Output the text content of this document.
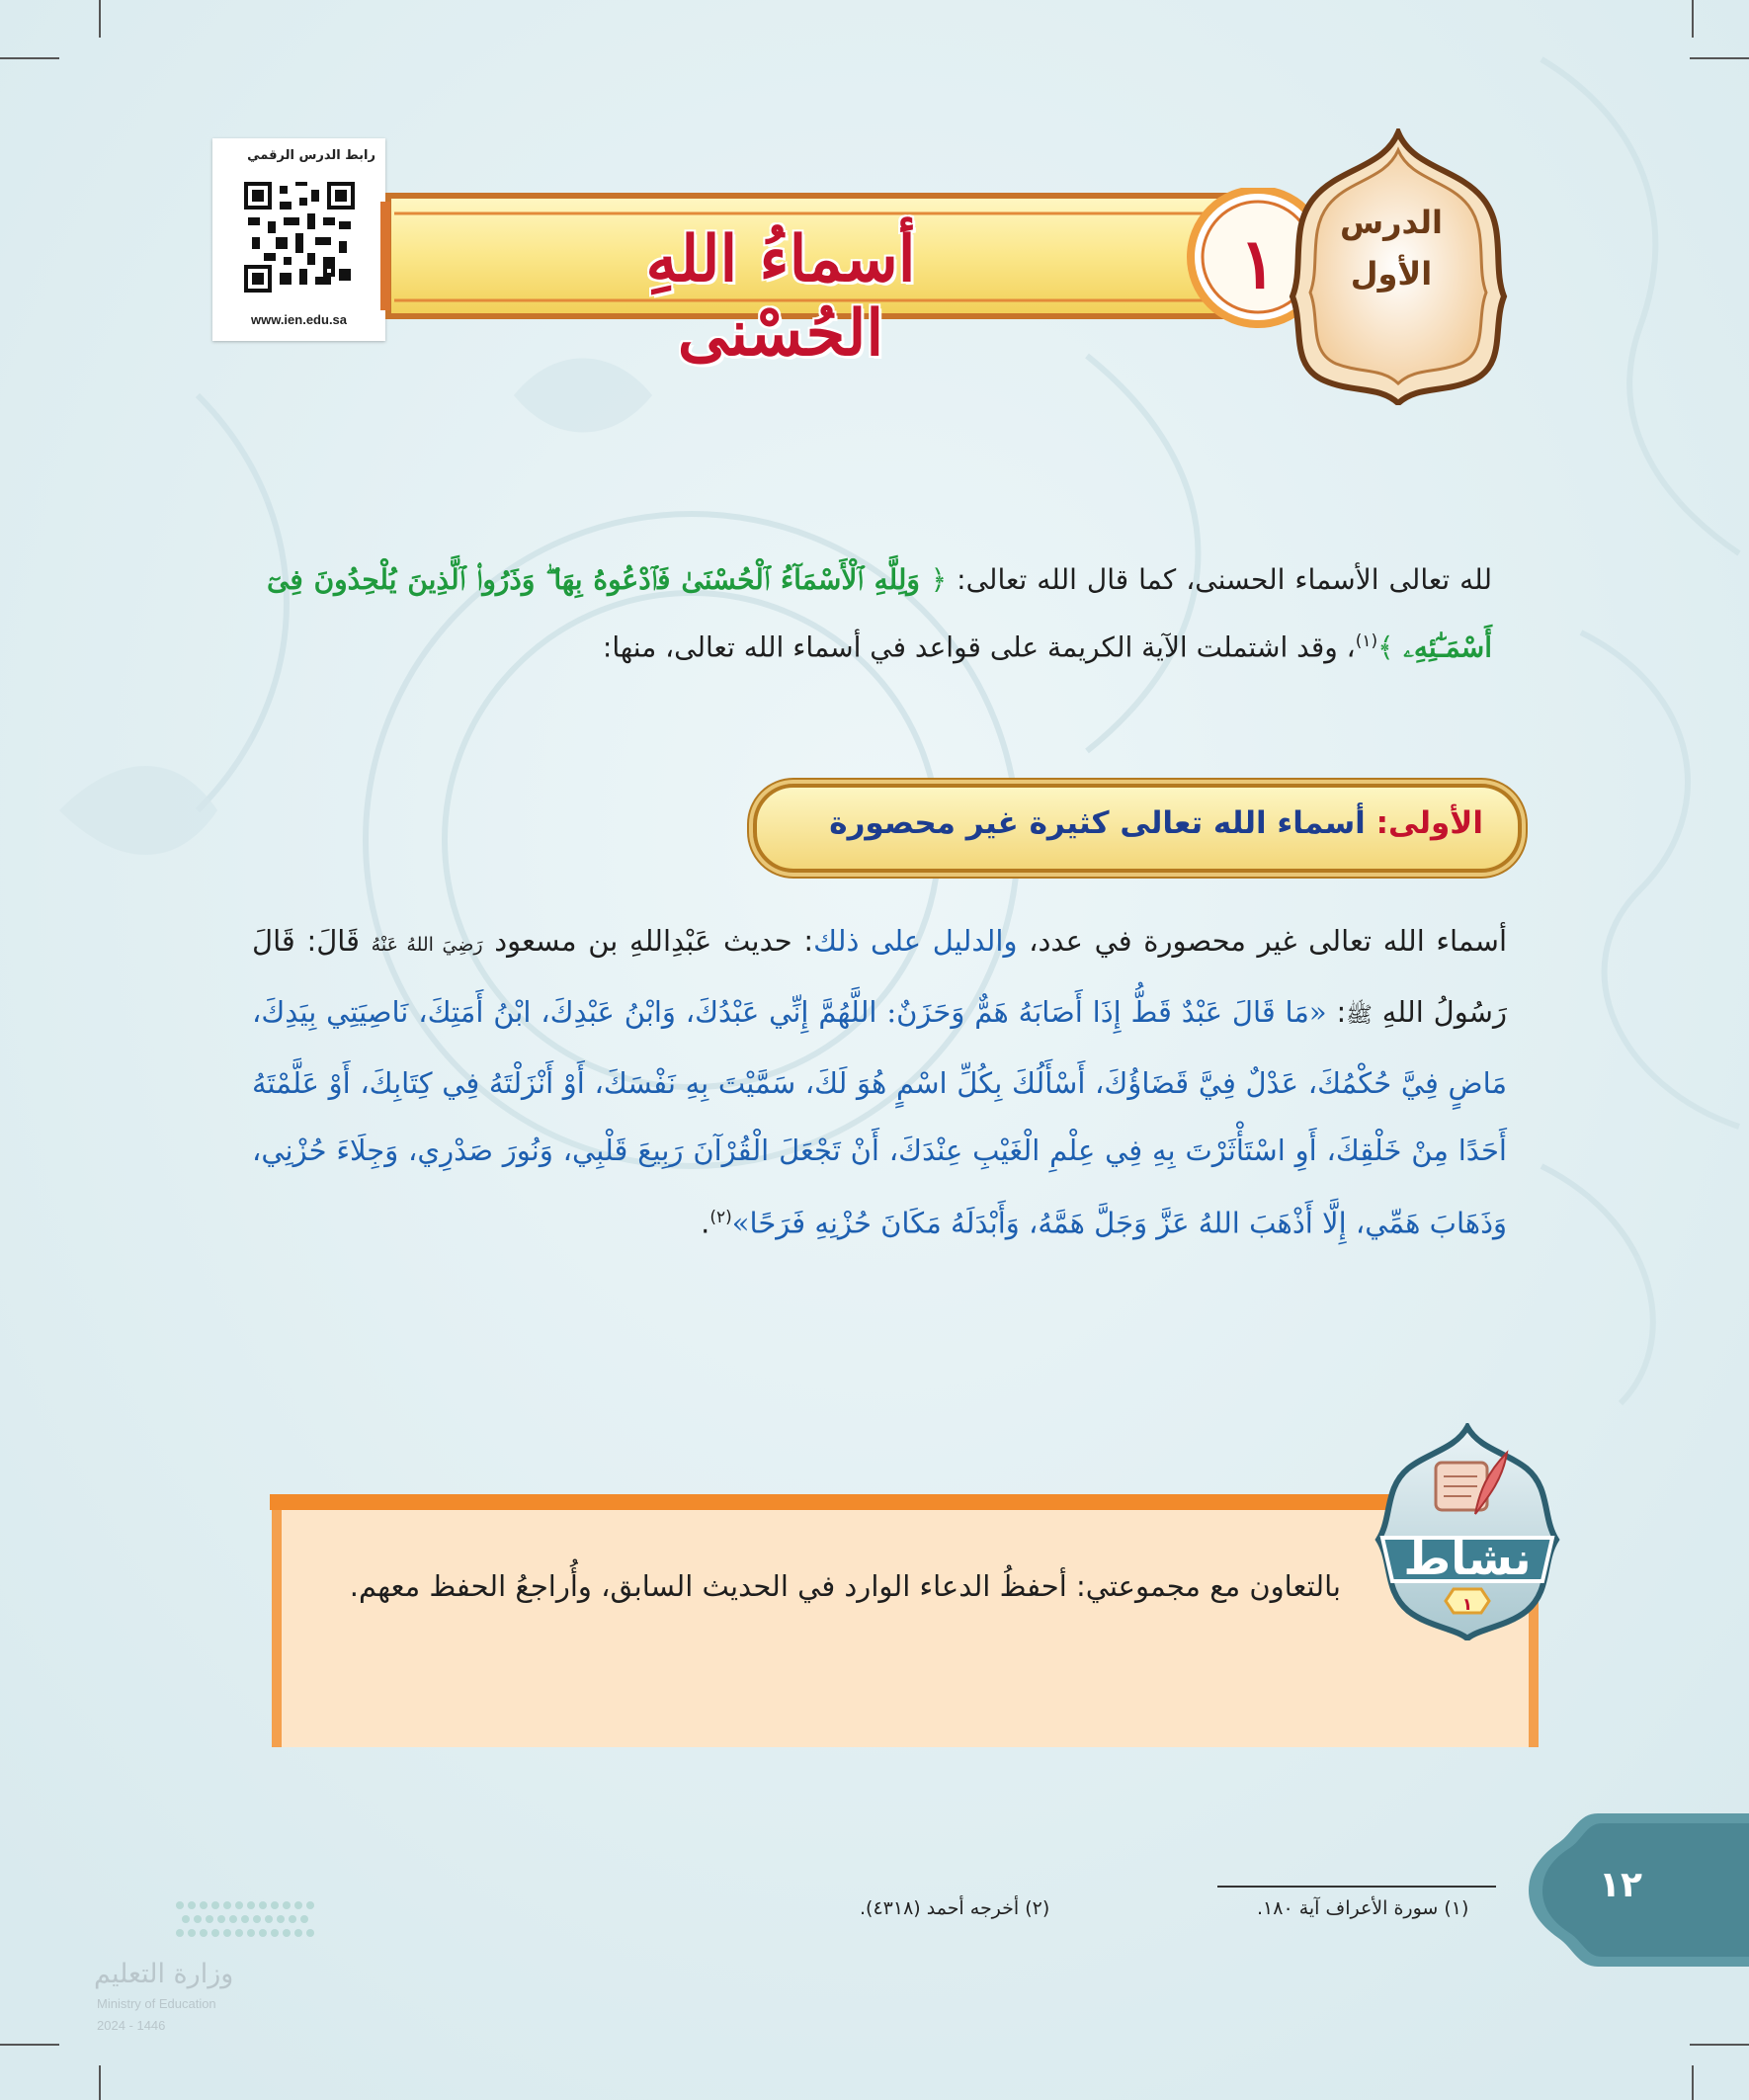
رابط الدرس الرقمي
www.ien.edu.sa
الدرس
الأول
١
أسماءُ اللهِ الحُسْنى
لله تعالى الأسماء الحسنى، كما قال الله تعالى: ﴿ وَلِلَّهِ ٱلْأَسْمَآءُ ٱلْحُسْنَىٰ فَٱدْعُوهُ بِهَا ۖ وَذَرُوا۟ ٱلَّذِينَ يُلْحِدُونَ فِىٓ أَسْمَـٰٓئِهِۦ ﴾$^{(١)}$، وقد اشتملت الآية الكريمة على قواعد في أسماء الله تعالى، منها:
الأولى: أسماء الله تعالى كثيرة غير محصورة
أسماء الله تعالى غير محصورة في عدد، والدليل على ذلك: حديث عَبْدِاللهِ بن مسعود رَضِيَ اللهُ عَنْهُ قَالَ: قَالَ رَسُولُ اللهِ ﷺ: «مَا قَالَ عَبْدٌ قَطُّ إِذَا أَصَابَهُ هَمٌّ وَحَزَنٌ: اللَّهُمَّ إِنِّي عَبْدُكَ، وَابْنُ عَبْدِكَ، ابْنُ أَمَتِكَ، نَاصِيَتِي بِيَدِكَ، مَاضٍ فِيَّ حُكْمُكَ، عَدْلٌ فِيَّ قَضَاؤُكَ، أَسْأَلُكَ بِكُلِّ اسْمٍ هُوَ لَكَ، سَمَّيْتَ بِهِ نَفْسَكَ، أَوْ أَنْزَلْتَهُ فِي كِتَابِكَ، أَوْ عَلَّمْتَهُ أَحَدًا مِنْ خَلْقِكَ، أَوِ اسْتَأْثَرْتَ بِهِ فِي عِلْمِ الْغَيْبِ عِنْدَكَ، أَنْ تَجْعَلَ الْقُرْآنَ رَبِيعَ قَلْبِي، وَنُورَ صَدْرِي، وَجِلَاءَ حُزْنِي، وَذَهَابَ هَمِّي، إِلَّا أَذْهَبَ اللهُ عَزَّ وَجَلَّ هَمَّهُ، وَأَبْدَلَهُ مَكَانَ حُزْنِهِ فَرَحًا»$^{(٢)}$.
بالتعاون مع مجموعتي: أحفظُ الدعاء الوارد في الحديث السابق، وأُراجعُ الحفظ معهم.
نشاط
١
(١) سورة الأعراف آية ١٨٠.
(٢) أخرجه أحمد (٤٣١٨).
١٢
وزارة التعليم
Ministry of Education
2024 - 1446
